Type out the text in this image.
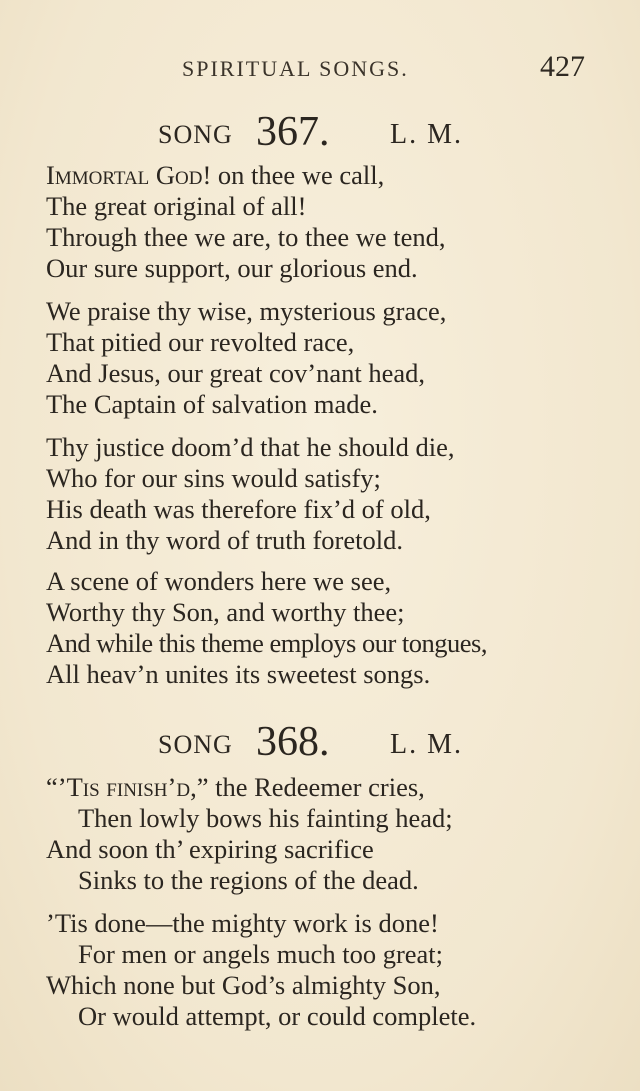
SPIRITUAL SONGS.	427
SONG 367. L. M.
Immortal God! on thee we call,
The great original of all!
Through thee we are, to thee we tend,
Our sure support, our glorious end.
We praise thy wise, mysterious grace,
That pitied our revolted race,
And Jesus, our great cov’nant head,
The Captain of salvation made.
Thy justice doom’d that he should die,
Who for our sins would satisfy;
His death was therefore fix’d of old,
And in thy word of truth foretold.
A scene of wonders here we see,
Worthy thy Son, and worthy thee;
And while this theme employs our tongues,
All heav’n unites its sweetest songs.
SONG 368. L. M.
“’Tis finish’d,” the Redeemer cries,
Then lowly bows his fainting head;
And soon th’ expiring sacrifice
Sinks to the regions of the dead.
’Tis done—the mighty work is done!
For men or angels much too great;
Which none but God’s almighty Son,
Or would attempt, or could complete.
